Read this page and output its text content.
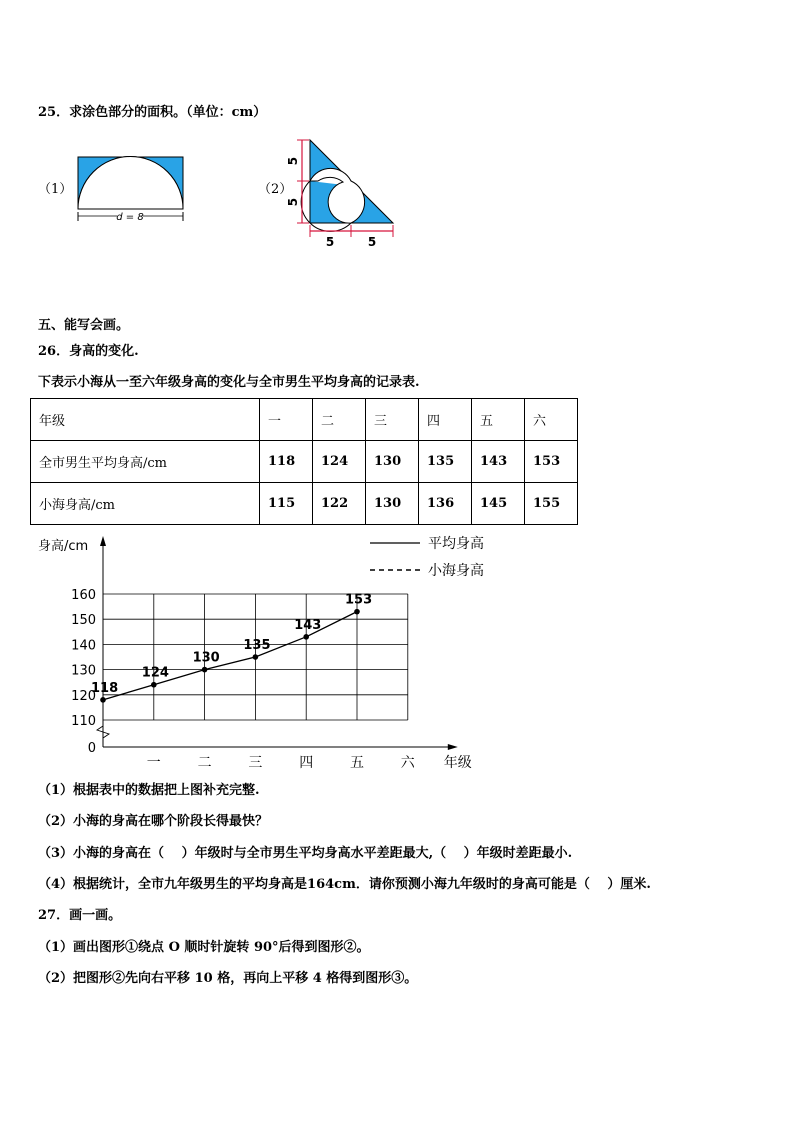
25．求涂色部分的面积。（单位：cm）
（1）
d = 8
（2）
5
5
5	5
五、能写会画。
26．身高的变化.
下表示小海从一至六年级身高的变化与全市男生平均身高的记录表.
年级	一	二	三	四	五	六
全市男生平均身高/cm	118	124	130	135	143	153
小海身高/cm	115	122	130	136	145	155
0
110
120
130
140
150
160
一	二	三	四	五	六
身高/cm
年级
平均身高
小海身高
118
124
130
135
143
153
（1）根据表中的数据把上图补充完整.
（2）小海的身高在哪个阶段长得最快？
（3）小海的身高在（　 ）年级时与全市男生平均身高水平差距最大,（　 ）年级时差距最小.
（4）根据统计，全市九年级男生的平均身高是164cm．请你预测小海九年级时的身高可能是（　 ）厘米.
27．画一画。
（1）画出图形①绕点 O 顺时针旋转 90°后得到图形②。
（2）把图形②先向右平移 10 格，再向上平移 4 格得到图形③。
